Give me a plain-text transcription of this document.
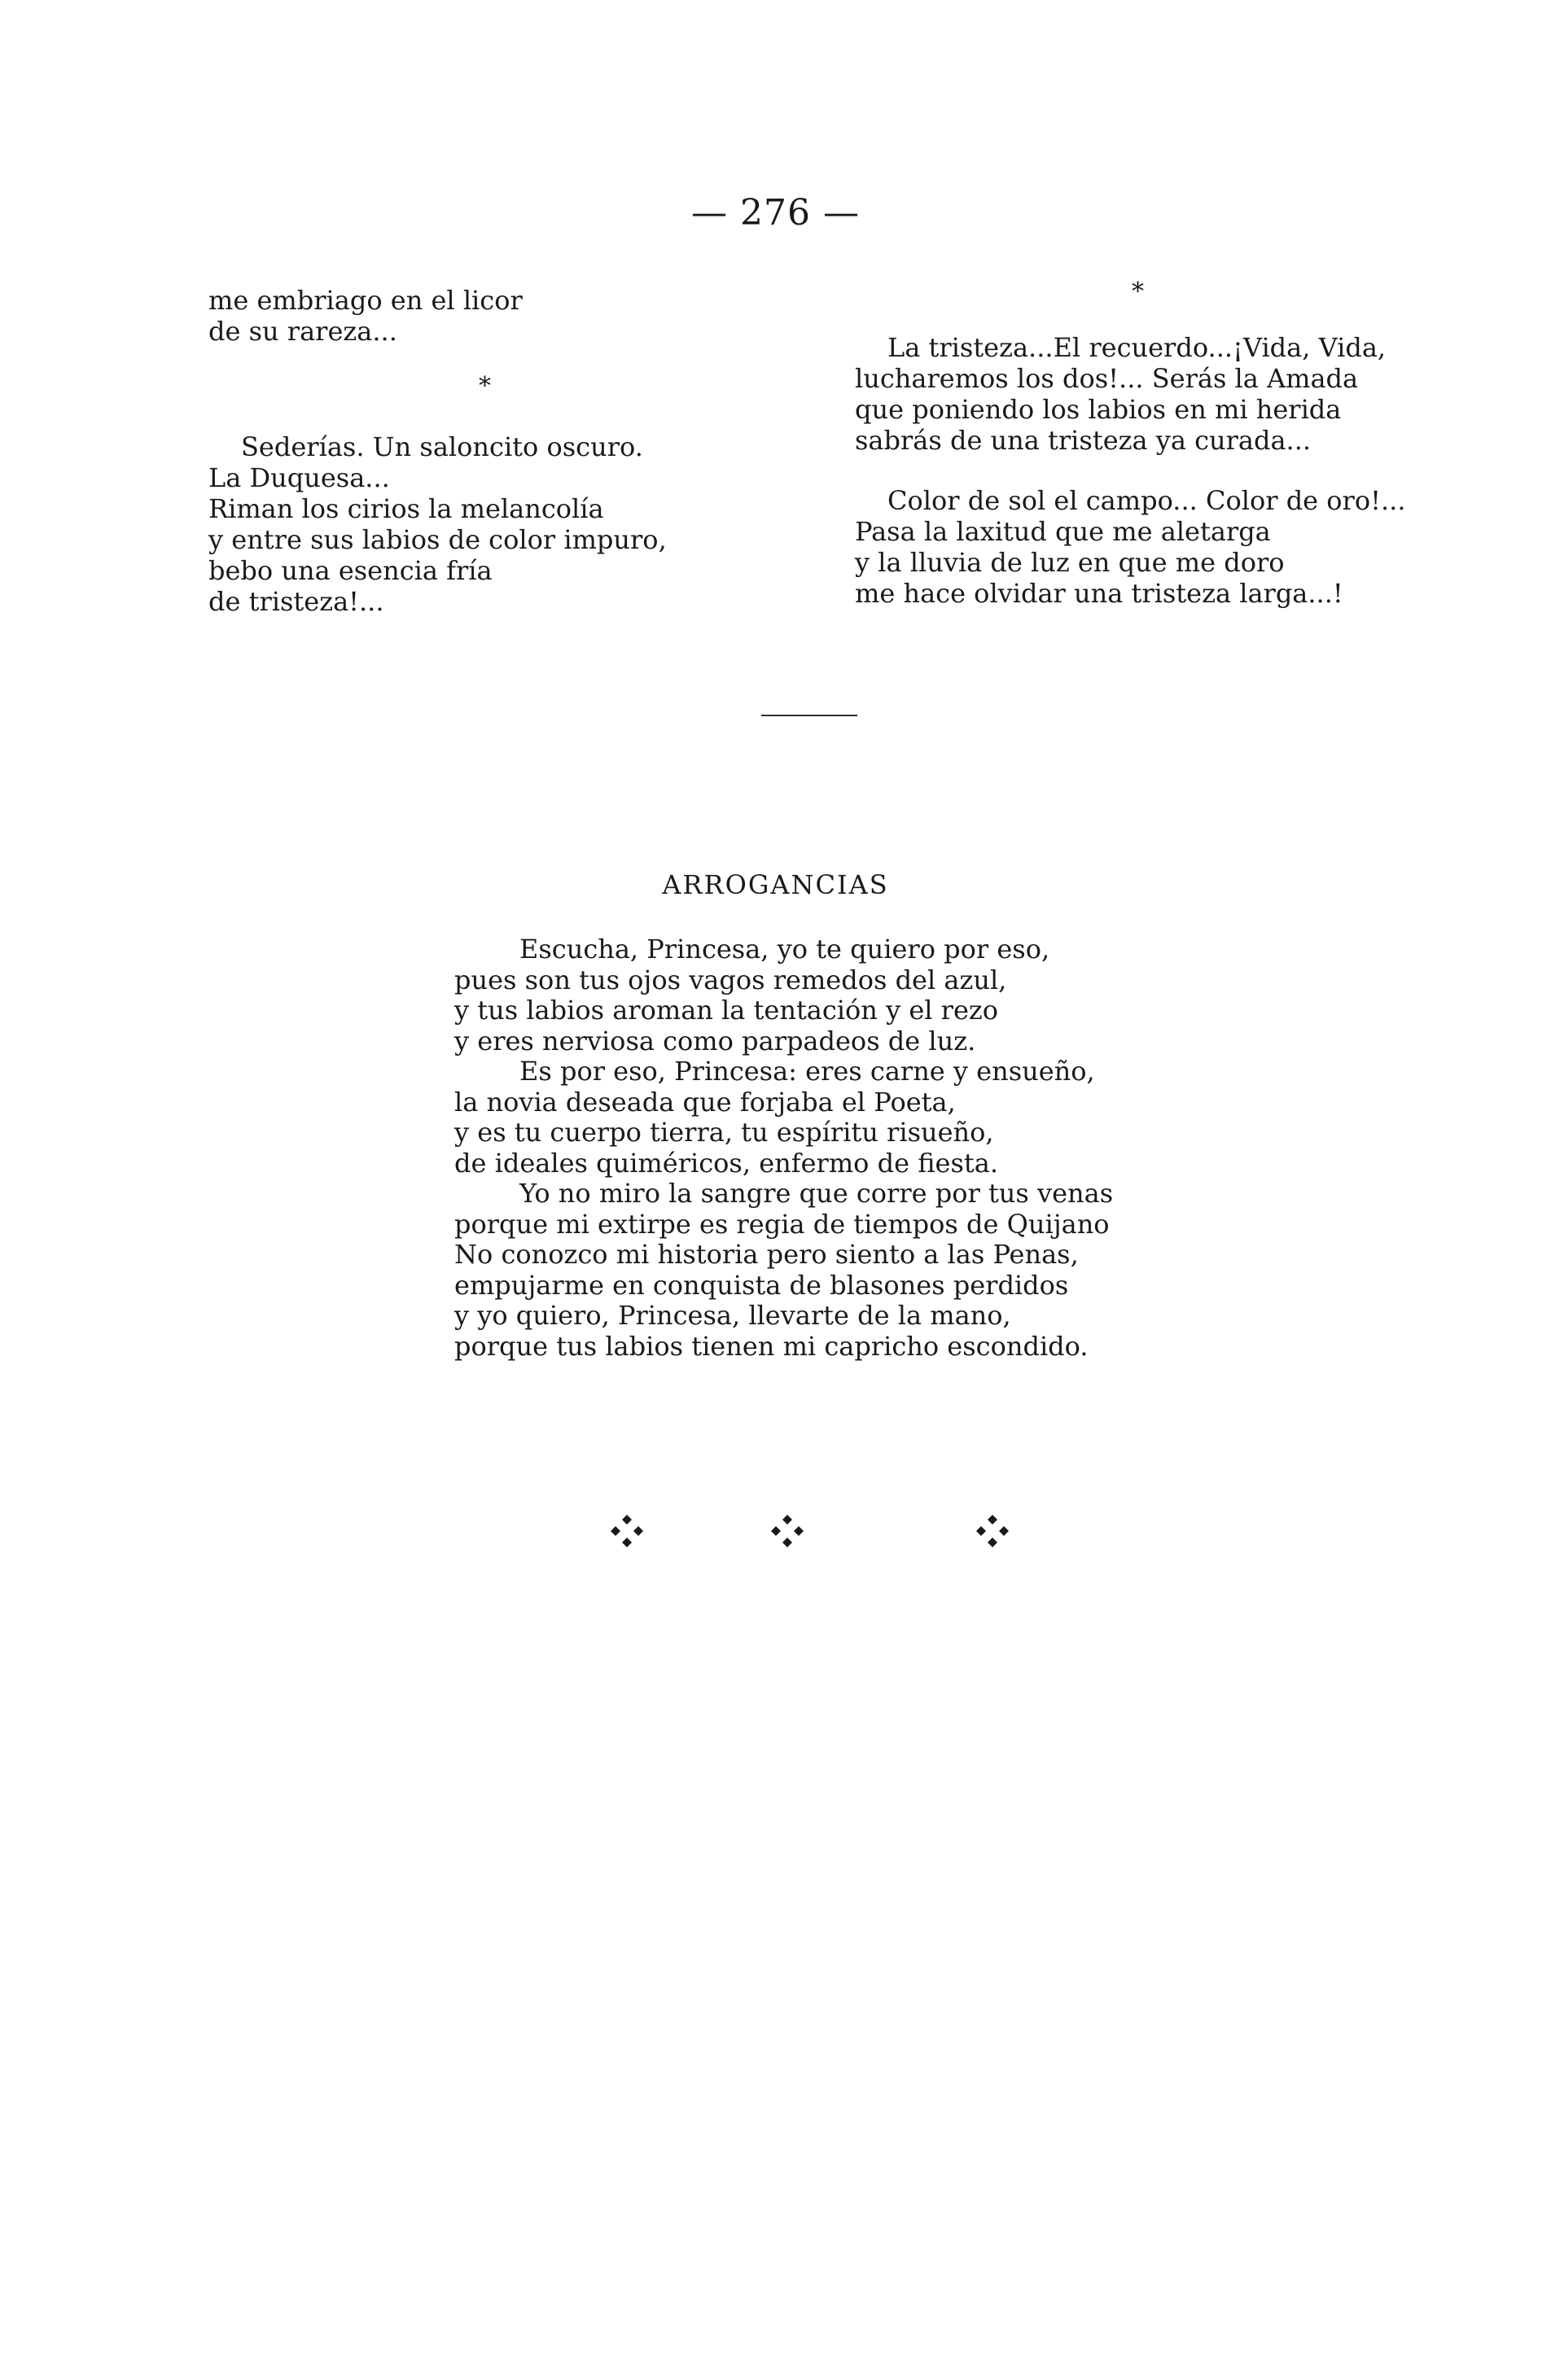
— 276 —
me embriago en el licor
de su rareza...
*
Sederías. Un saloncito oscuro.
La Duquesa...
Riman los cirios la melancolía
y entre sus labios de color impuro,
bebo una esencia fría
de tristeza!...
*
La tristeza...El recuerdo...¡Vida, Vida,
lucharemos los dos!... Serás la Amada
que poniendo los labios en mi herida
sabrás de una tristeza ya curada...
Color de sol el campo... Color de oro!...
Pasa la laxitud que me aletarga
y la lluvia de luz en que me doro
me hace olvidar una tristeza larga...!
ARROGANCIAS
Escucha, Princesa, yo te quiero por eso,
pues son tus ojos vagos remedos del azul,
y tus labios aroman la tentación y el rezo
y eres nerviosa como parpadeos de luz.
Es por eso, Princesa: eres carne y ensueño,
la novia deseada que forjaba el Poeta,
y es tu cuerpo tierra, tu espíritu risueño,
de ideales quiméricos, enfermo de fiesta.
Yo no miro la sangre que corre por tus venas
porque mi extirpe es regia de tiempos de Quijano
No conozco mi historia pero siento a las Penas,
empujarme en conquista de blasones perdidos
y yo quiero, Princesa, llevarte de la mano,
porque tus labios tienen mi capricho escondido.
